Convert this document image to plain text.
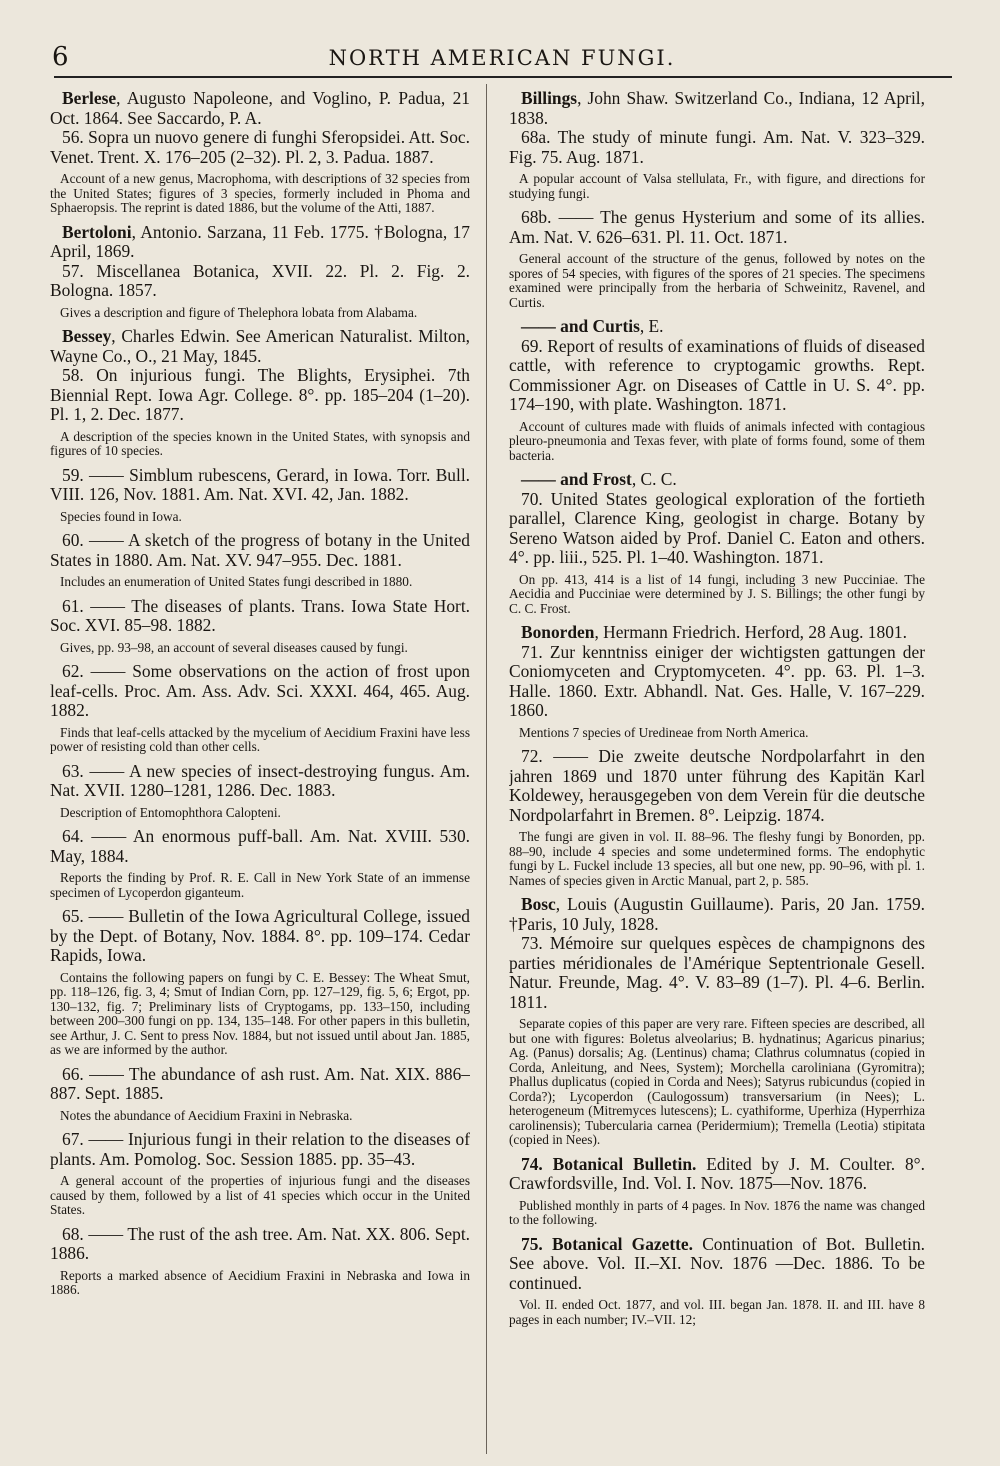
6	NORTH AMERICAN FUNGI.

Berlese, Augusto Napoleone, and Voglino, P. Padua, 21 Oct. 1864. See Saccardo, P. A.

56. Sopra un nuovo genere di funghi Sferopsidei. Att. Soc. Venet. Trent. X. 176–205 (2–32). Pl. 2, 3. Padua. 1887.

Account of a new genus, Macrophoma, with descriptions of 32 species from the United States; figures of 3 species, formerly included in Phoma and Sphaeropsis. The reprint is dated 1886, but the volume of the Atti, 1887.

Bertoloni, Antonio. Sarzana, 11 Feb. 1775. †Bologna, 17 April, 1869.

57. Miscellanea Botanica, XVII. 22. Pl. 2. Fig. 2. Bologna. 1857.

Gives a description and figure of Thelephora lobata from Alabama.

Bessey, Charles Edwin. See American Naturalist. Milton, Wayne Co., O., 21 May, 1845.

58. On injurious fungi. The Blights, Erysiphei. 7th Biennial Rept. Iowa Agr. College. 8°. pp. 185–204 (1–20). Pl. 1, 2. Dec. 1877.

A description of the species known in the United States, with synopsis and figures of 10 species.

59. —— Simblum rubescens, Gerard, in Iowa. Torr. Bull. VIII. 126, Nov. 1881. Am. Nat. XVI. 42, Jan. 1882.

Species found in Iowa.

60. —— A sketch of the progress of botany in the United States in 1880. Am. Nat. XV. 947–955. Dec. 1881.

Includes an enumeration of United States fungi described in 1880.

61. —— The diseases of plants. Trans. Iowa State Hort. Soc. XVI. 85–98. 1882.

Gives, pp. 93–98, an account of several diseases caused by fungi.

62. —— Some observations on the action of frost upon leaf-cells. Proc. Am. Ass. Adv. Sci. XXXI. 464, 465. Aug. 1882.

Finds that leaf-cells attacked by the mycelium of Aecidium Fraxini have less power of resisting cold than other cells.

63. —— A new species of insect-destroying fungus. Am. Nat. XVII. 1280–1281, 1286. Dec. 1883.

Description of Entomophthora Calopteni.

64. —— An enormous puff-ball. Am. Nat. XVIII. 530. May, 1884.

Reports the finding by Prof. R. E. Call in New York State of an immense specimen of Lycoperdon giganteum.

65. —— Bulletin of the Iowa Agricultural College, issued by the Dept. of Botany, Nov. 1884. 8°. pp. 109–174. Cedar Rapids, Iowa.

Contains the following papers on fungi by C. E. Bessey: The Wheat Smut, pp. 118–126, fig. 3, 4; Smut of Indian Corn, pp. 127–129, fig. 5, 6; Ergot, pp. 130–132, fig. 7; Preliminary lists of Cryptogams, pp. 133–150, including between 200–300 fungi on pp. 134, 135–148. For other papers in this bulletin, see Arthur, J. C. Sent to press Nov. 1884, but not issued until about Jan. 1885, as we are informed by the author.

66. —— The abundance of ash rust. Am. Nat. XIX. 886–887. Sept. 1885.

Notes the abundance of Aecidium Fraxini in Nebraska.

67. —— Injurious fungi in their relation to the diseases of plants. Am. Pomolog. Soc. Session 1885. pp. 35–43.

A general account of the properties of injurious fungi and the diseases caused by them, followed by a list of 41 species which occur in the United States.

68. —— The rust of the ash tree. Am. Nat. XX. 806. Sept. 1886.

Reports a marked absence of Aecidium Fraxini in Nebraska and Iowa in 1886.

Billings, John Shaw. Switzerland Co., Indiana, 12 April, 1838.

68a. The study of minute fungi. Am. Nat. V. 323–329. Fig. 75. Aug. 1871.

A popular account of Valsa stellulata, Fr., with figure, and directions for studying fungi.

68b. —— The genus Hysterium and some of its allies. Am. Nat. V. 626–631. Pl. 11. Oct. 1871.

General account of the structure of the genus, followed by notes on the spores of 54 species, with figures of the spores of 21 species. The specimens examined were principally from the herbaria of Schweinitz, Ravenel, and Curtis.

—— and Curtis, E.

69. Report of results of examinations of fluids of diseased cattle, with reference to cryptogamic growths. Rept. Commissioner Agr. on Diseases of Cattle in U. S. 4°. pp. 174–190, with plate. Washington. 1871.

Account of cultures made with fluids of animals infected with contagious pleuro-pneumonia and Texas fever, with plate of forms found, some of them bacteria.

—— and Frost, C. C.

70. United States geological exploration of the fortieth parallel, Clarence King, geologist in charge. Botany by Sereno Watson aided by Prof. Daniel C. Eaton and others. 4°. pp. liii., 525. Pl. 1–40. Washington. 1871.

On pp. 413, 414 is a list of 14 fungi, including 3 new Pucciniae. The Aecidia and Pucciniae were determined by J. S. Billings; the other fungi by C. C. Frost.

Bonorden, Hermann Friedrich. Herford, 28 Aug. 1801.

71. Zur kenntniss einiger der wichtigsten gattungen der Coniomyceten and Cryptomyceten. 4°. pp. 63. Pl. 1–3. Halle. 1860. Extr. Abhandl. Nat. Ges. Halle, V. 167–229. 1860.

Mentions 7 species of Uredineae from North America.

72. —— Die zweite deutsche Nordpolarfahrt in den jahren 1869 und 1870 unter führung des Kapitän Karl Koldewey, herausgegeben von dem Verein für die deutsche Nordpolarfahrt in Bremen. 8°. Leipzig. 1874.

The fungi are given in vol. II. 88–96. The fleshy fungi by Bonorden, pp. 88–90, include 4 species and some undetermined forms. The endophytic fungi by L. Fuckel include 13 species, all but one new, pp. 90–96, with pl. 1. Names of species given in Arctic Manual, part 2, p. 585.

Bosc, Louis (Augustin Guillaume). Paris, 20 Jan. 1759. †Paris, 10 July, 1828.

73. Mémoire sur quelques espèces de champignons des parties méridionales de l'Amérique Septentrionale Gesell. Natur. Freunde, Mag. 4°. V. 83–89 (1–7). Pl. 4–6. Berlin. 1811.

Separate copies of this paper are very rare. Fifteen species are described, all but one with figures: Boletus alveolarius; B. hydnatinus; Agaricus pinarius; Ag. (Panus) dorsalis; Ag. (Lentinus) chama; Clathrus columnatus (copied in Corda, Anleitung, and Nees, System); Morchella caroliniana (Gyromitra); Phallus duplicatus (copied in Corda and Nees); Satyrus rubicundus (copied in Corda?); Lycoperdon (Caulogossum) transversarium (in Nees); L. heterogeneum (Mitremyces lutescens); L. cyathiforme, Uperhiza (Hyperrhiza carolinensis); Tubercularia carnea (Peridermium); Tremella (Leotia) stipitata (copied in Nees).

74. Botanical Bulletin. Edited by J. M. Coulter. 8°. Crawfordsville, Ind. Vol. I. Nov. 1875—Nov. 1876.

Published monthly in parts of 4 pages. In Nov. 1876 the name was changed to the following.

75. Botanical Gazette. Continuation of Bot. Bulletin. See above. Vol. II.–XI. Nov. 1876 —Dec. 1886. To be continued.

Vol. II. ended Oct. 1877, and vol. III. began Jan. 1878. II. and III. have 8 pages in each number; IV.–VII. 12;
